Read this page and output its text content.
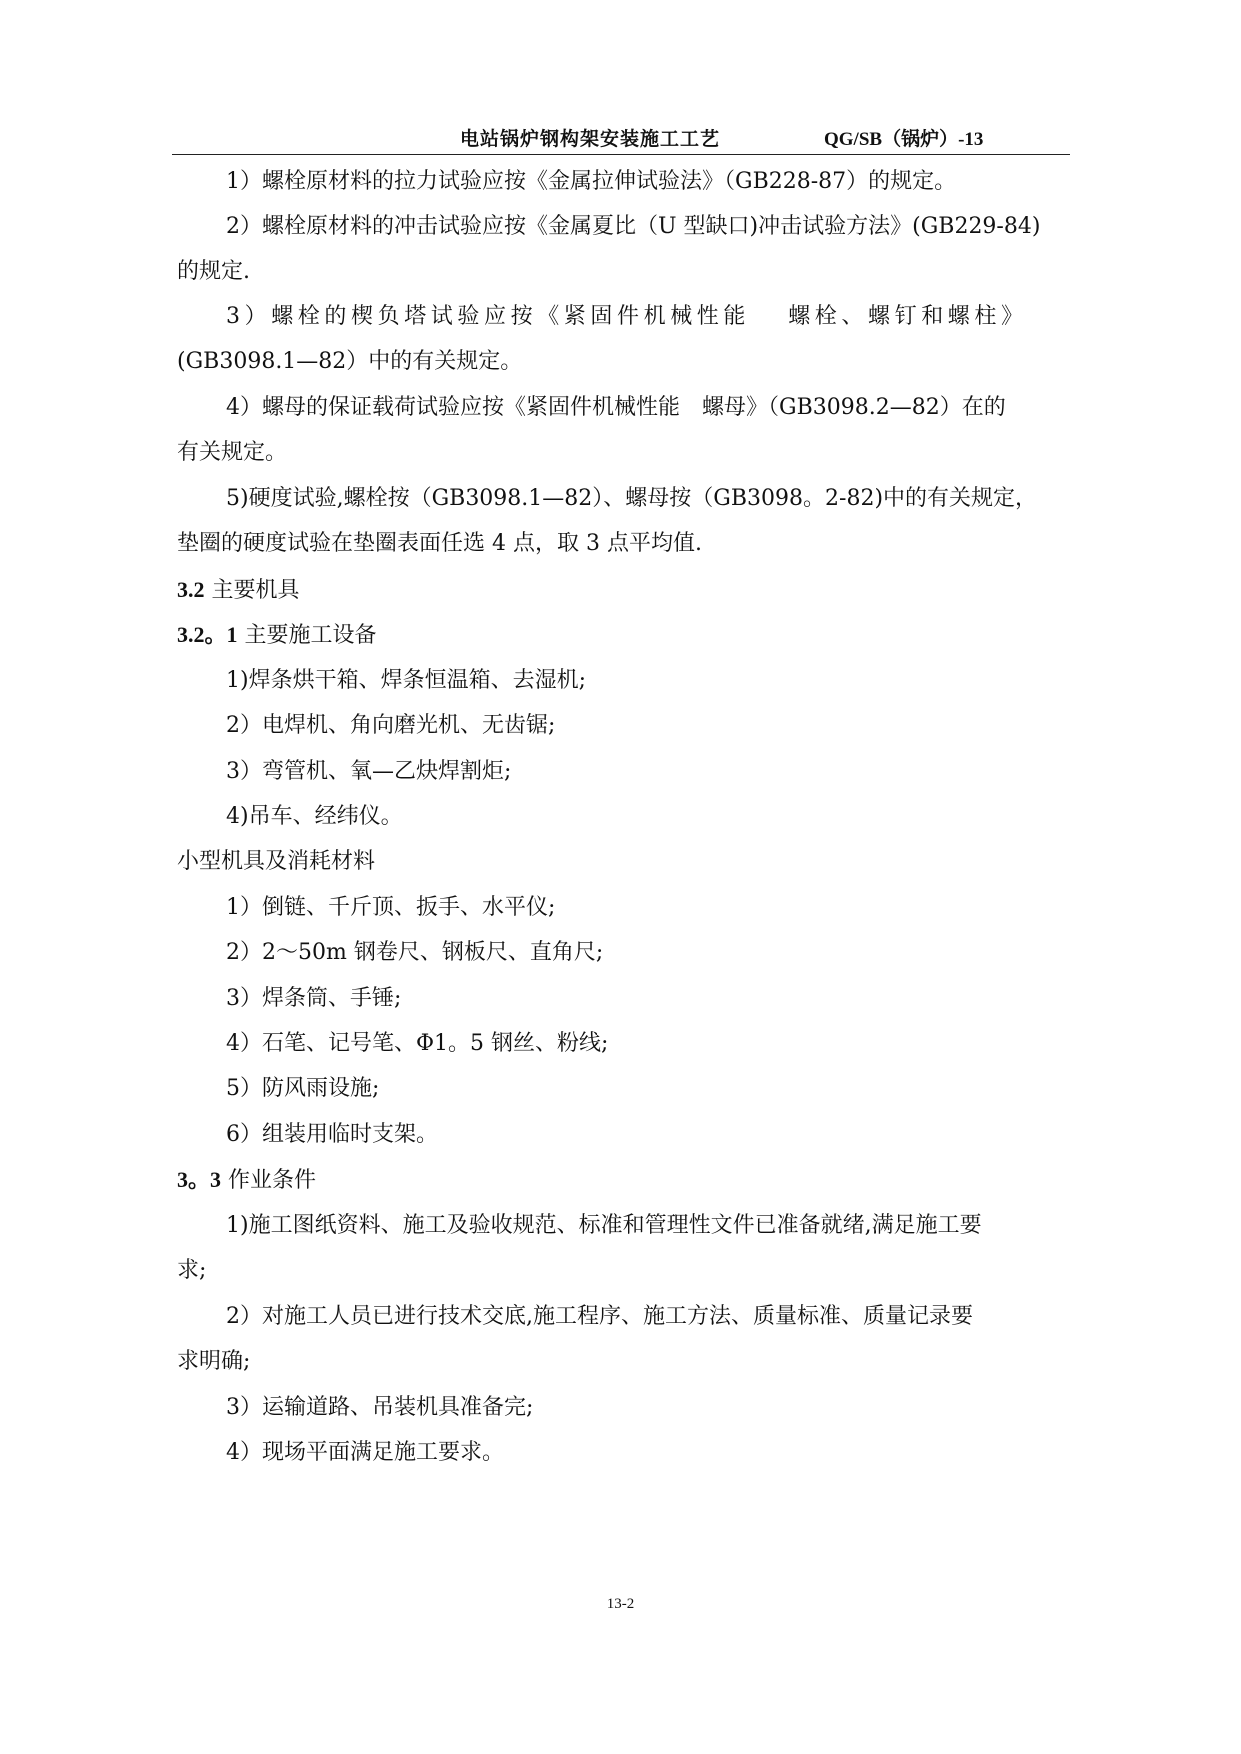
电站锅炉钢构架安装施工工艺	QG/SB（锅炉）-13
1）螺栓原材料的拉力试验应按《金属拉伸试验法》（GB228-87）的规定。
2）螺栓原材料的冲击试验应按《金属夏比（U 型缺口)冲击试验方法》(GB229-84)
的规定.
3）螺栓的楔负塔试验应按《紧固件机械性能　 螺栓、螺钉和螺柱》
(GB3098.1—82）中的有关规定。
4）螺母的保证载荷试验应按《紧固件机械性能　螺母》（GB3098.2—82）在的
有关规定。
5)硬度试验,螺栓按（GB3098.1—82）、螺母按（GB3098。2-82)中的有关规定，
垫圈的硬度试验在垫圈表面任选 4 点，取 3 点平均值.
3.2 主要机具
3.2。1 主要施工设备
1)焊条烘干箱、焊条恒温箱、去湿机;
2）电焊机、角向磨光机、无齿锯;
3）弯管机、氧—乙炔焊割炬;
4)吊车、经纬仪。
小型机具及消耗材料
1）倒链、千斤顶、扳手、水平仪;
2）2～50m 钢卷尺、钢板尺、直角尺;
3）焊条筒、手锤;
4）石笔、记号笔、Φ1。5 钢丝、粉线;
5）防风雨设施;
6）组装用临时支架。
3。3 作业条件
1)施工图纸资料、施工及验收规范、标准和管理性文件已准备就绪,满足施工要
求;
2）对施工人员已进行技术交底,施工程序、施工方法、质量标准、质量记录要
求明确;
3）运输道路、吊装机具准备完;
4）现场平面满足施工要求。
13-2
